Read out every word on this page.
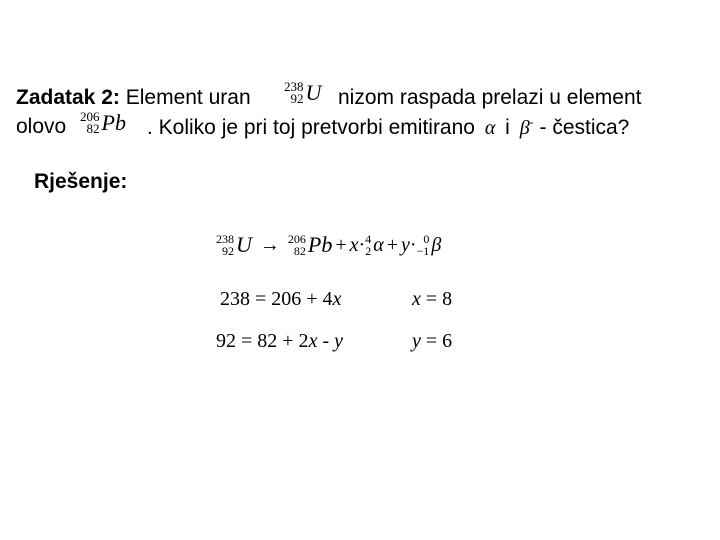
Zadatak 2: Element uran	238
92 U nizom raspada prelazi u element
olovo 206
82 Pb . Koliko je pri toj pretvorbi emitirano α i β- - čestica?
Rješenje:
238
92 U → 206
82 Pb + x · 4
2 α + y · 0
−1 β
238 = 206 + 4x	x = 8
92 = 82 + 2x - y	y = 6
